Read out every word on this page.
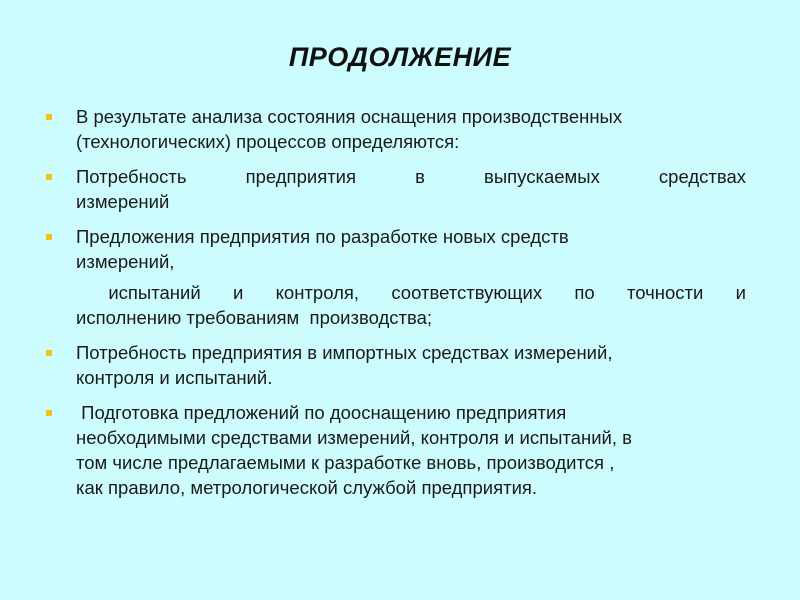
ПРОДОЛЖЕНИЕ
В результате анализа состояния оснащения производственных
(технологических) процессов определяются:
Потребность предприятия в выпускаемых средствах
измерений
Предложения предприятия по разработке новых средств
измерений,
испытаний и контроля, соответствующих по точности и
исполнению требованиям  производства;
Потребность предприятия в импортных средствах измерений,
контроля и испытаний.
Подготовка предложений по дооснащению предприятия
необходимыми средствами измерений, контроля и испытаний, в
том числе предлагаемыми к разработке вновь, производится ,
как правило, метрологической службой предприятия.
